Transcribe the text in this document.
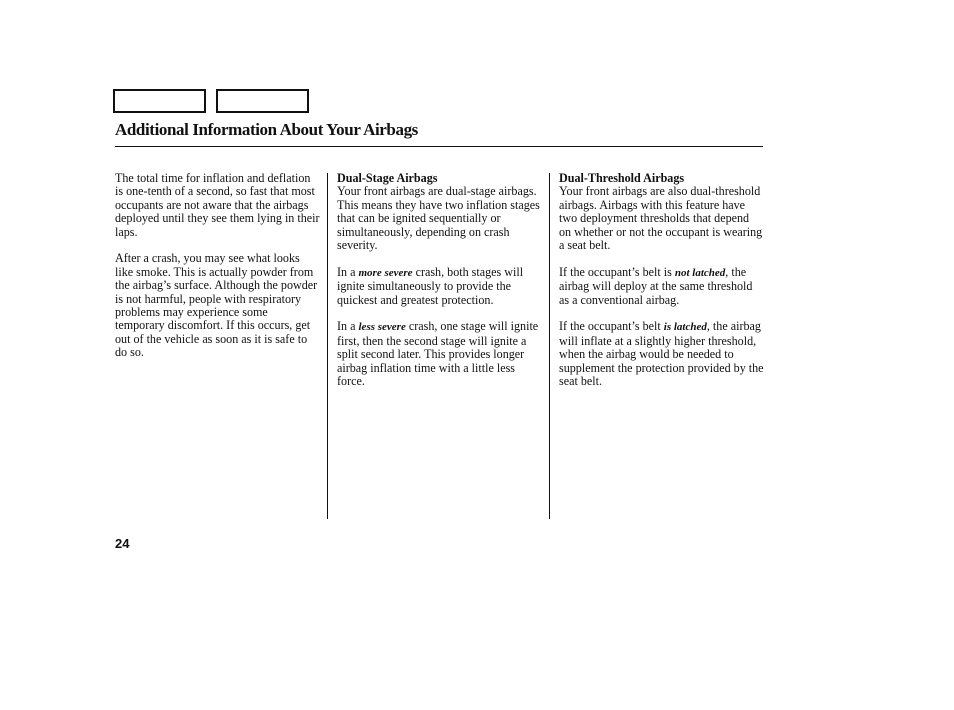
Additional Information About Your Airbags

The total time for inflation and deflation is one-tenth of a second, so fast that most occupants are not aware that the airbags deployed until they see them lying in their laps.

After a crash, you may see what looks like smoke. This is actually powder from the airbag’s surface. Although the powder is not harmful, people with respiratory problems may experience some temporary discomfort. If this occurs, get out of the vehicle as soon as it is safe to do so.

Dual-Stage Airbags

Your front airbags are dual-stage airbags. This means they have two inflation stages that can be ignited sequentially or simultaneously, depending on crash severity.

In a more severe crash, both stages will ignite simultaneously to provide the quickest and greatest protection.

In a less severe crash, one stage will ignite first, then the second stage will ignite a split second later. This provides longer airbag inflation time with a little less force.

Dual-Threshold Airbags

Your front airbags are also dual-threshold airbags. Airbags with this feature have two deployment thresholds that depend on whether or not the occupant is wearing a seat belt.

If the occupant’s belt is not latched, the airbag will deploy at the same threshold as a conventional airbag.

If the occupant’s belt is latched, the airbag will inflate at a slightly higher threshold, when the airbag would be needed to supplement the protection provided by the seat belt.

24
